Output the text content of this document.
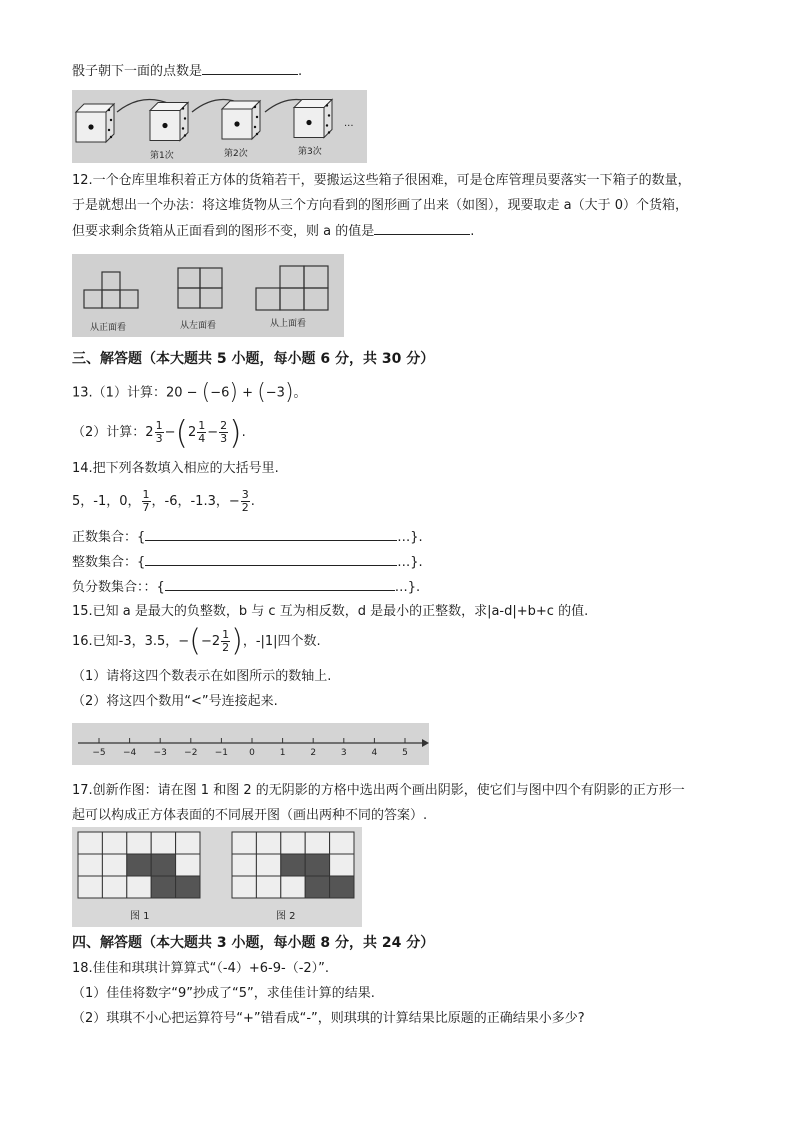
骰子朝下一面的点数是	.
第1次	第2次	第3次
...
12.一个仓库里堆积着正方体的货箱若干，要搬运这些箱子很困难，可是仓库管理员要落实一下箱子的数量，
于是就想出一个办法：将这堆货物从三个方向看到的图形画了出来（如图），现要取走 a（大于 0）个货箱，
但要求剩余货箱从正面看到的图形不变，则 a 的值是	.
从正面看	从左面看	从上面看
三、解答题（本大题共 5 小题，每小题 6 分，共 30 分）
13.（1）计算：20 − (−6) + (−3)。
（2）计算：$2 \frac{1}{3} -(2 \frac{1}{4} - \frac{2}{3}$ ).
14.把下列各数填入相应的大括号里.
5，-1，0， $\frac{1}{7}$ ，-6，-1.3，− $\frac{3}{2}$ .
正数集合：{	…}.
整数集合：{	…}.
负分数集合：：{	…}.
15.已知 a 是最大的负整数，b 与 c 互为相反数，d 是最小的正整数，求|a-d|+b+c 的值.
16.已知-3，3.5，$-(-2 \frac{1}{2}$ )，-|1|四个数.
（1）请将这四个数表示在如图所示的数轴上.
（2）将这四个数用“<”号连接起来.
−5 −4 −3 −2 −1 0	1	2	3	4	5
17.创新作图：请在图 1 和图 2 的无阴影的方格中选出两个画出阴影，使它们与图中四个有阴影的正方形一
起可以构成正方体表面的不同展开图（画出两种不同的答案）.
图 1	图 2
四、解答题（本大题共 3 小题，每小题 8 分，共 24 分）
18.佳佳和琪琪计算算式“（-4）+6-9-（-2）”.
（1）佳佳将数字“9”抄成了“5”，求佳佳计算的结果.
（2）琪琪不小心把运算符号“+”错看成“-”，则琪琪的计算结果比原题的正确结果小多少?
